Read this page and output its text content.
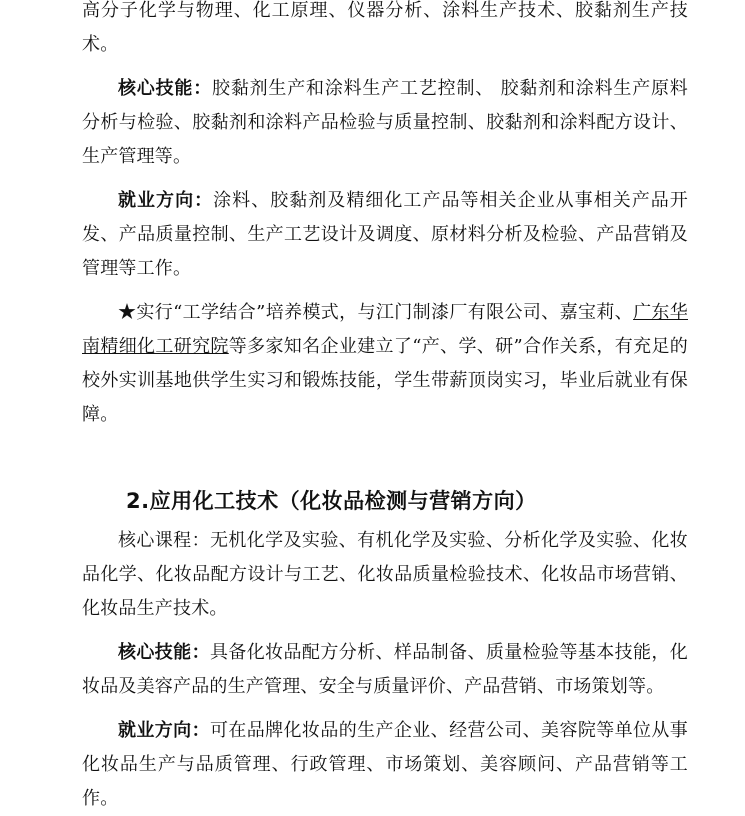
高分子化学与物理、化工原理、仪器分析、涂料生产技术、胶黏剂生产技术。

核心技能：胶黏剂生产和涂料生产工艺控制、 胶黏剂和涂料生产原料分析与检验、胶黏剂和涂料产品检验与质量控制、胶黏剂和涂料配方设计、生产管理等。

就业方向：涂料、胶黏剂及精细化工产品等相关企业从事相关产品开发、产品质量控制、生产工艺设计及调度、原材料分析及检验、产品营销及管理等工作。

★实行“工学结合”培养模式，与江门制漆厂有限公司、嘉宝莉、广东华南精细化工研究院等多家知名企业建立了“产、学、研”合作关系，有充足的校外实训基地供学生实习和锻炼技能，学生带薪顶岗实习，毕业后就业有保障。

2.应用化工技术（化妆品检测与营销方向）

核心课程：无机化学及实验、有机化学及实验、分析化学及实验、化妆品化学、化妆品配方设计与工艺、化妆品质量检验技术、化妆品市场营销、化妆品生产技术。

核心技能：具备化妆品配方分析、样品制备、质量检验等基本技能，化妆品及美容产品的生产管理、安全与质量评价、产品营销、市场策划等。

就业方向：可在品牌化妆品的生产企业、经营公司、美容院等单位从事化妆品生产与品质管理、行政管理、市场策划、美容顾问、产品营销等工作。
